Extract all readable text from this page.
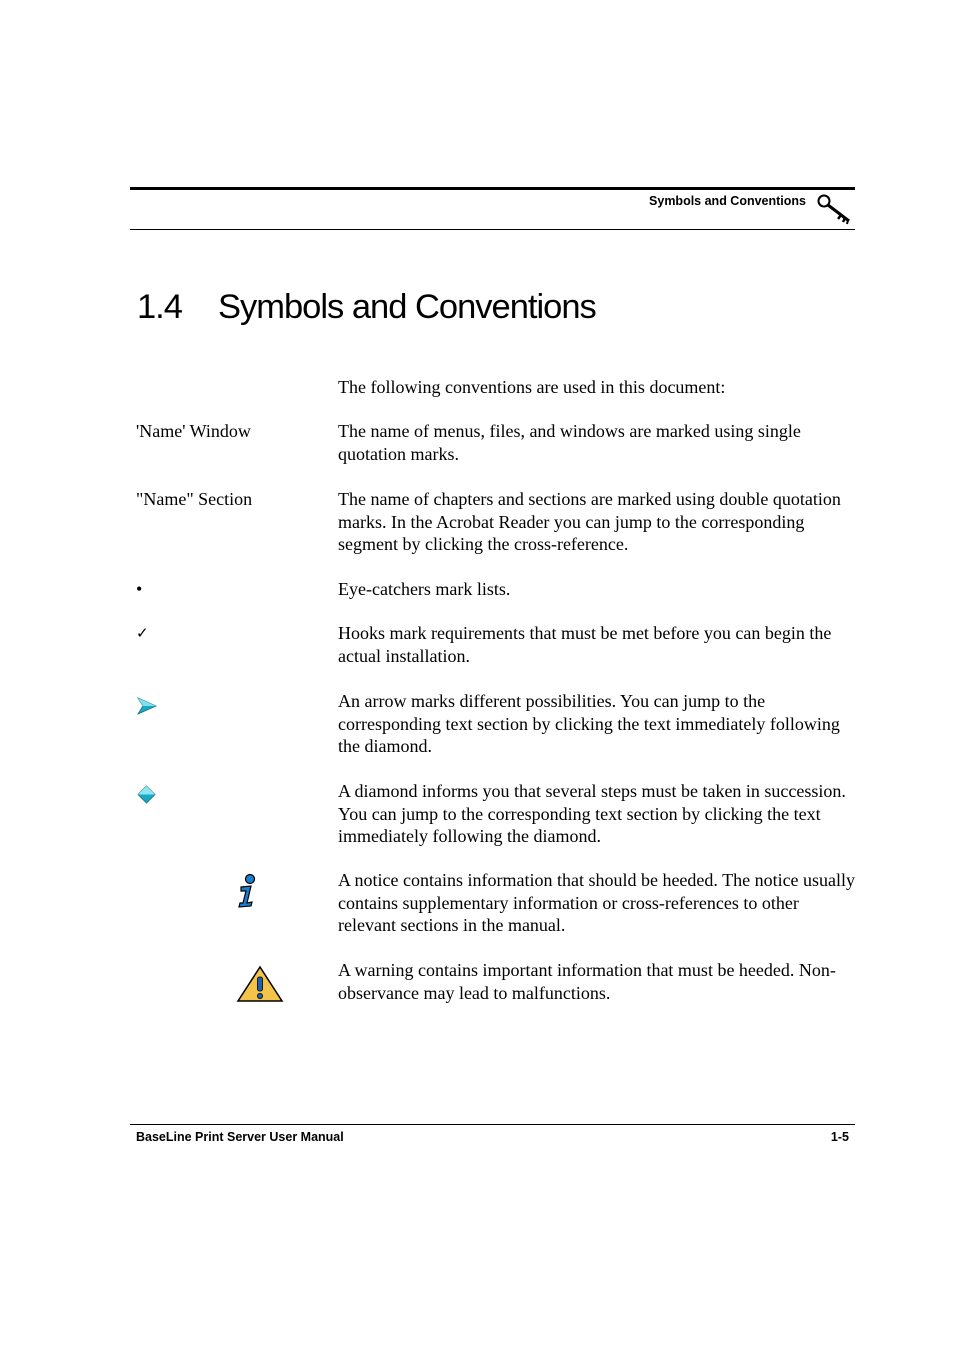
Symbols and Conventions
1.4 Symbols and Conventions
The following conventions are used in this document:
'Name' Window	The name of menus, files, and windows are marked using single quotation marks.
"Name" Section	The name of chapters and sections are marked using double quotation marks. In the Acrobat Reader you can jump to the corresponding segment by clicking the cross-reference.
•	Eye-catchers mark lists.
✓	Hooks mark requirements that must be met before you can begin the actual installation.
An arrow marks different possibilities. You can jump to the corresponding text section by clicking the text immediately following the diamond.
A diamond informs you that several steps must be taken in succession. You can jump to the corresponding text section by clicking the text immediately following the diamond.
A notice contains information that should be heeded. The notice usually contains supplementary information or cross-references to other relevant sections in the manual.
A warning contains important information that must be heeded. Non-observance may lead to malfunctions.
BaseLine Print Server User Manual	1-5
